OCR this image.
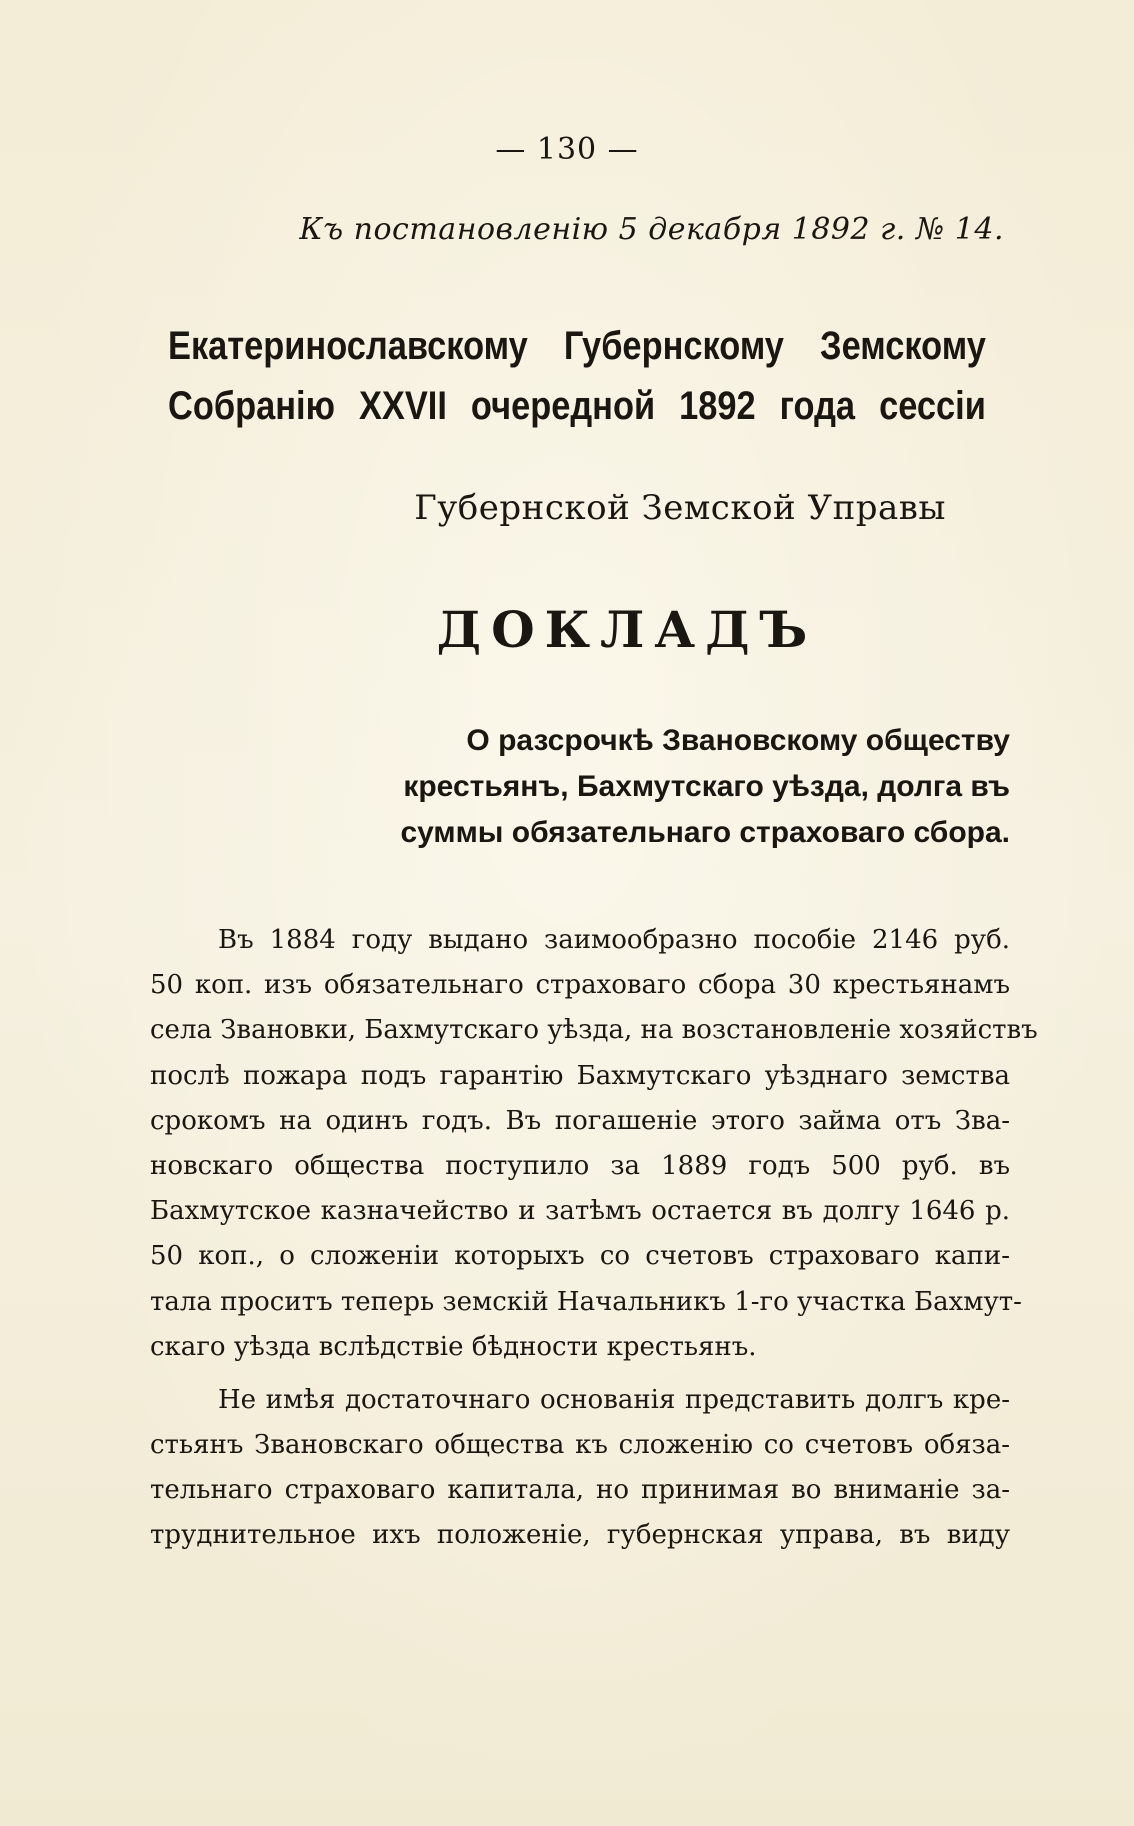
— 130 —
Къ постановленію 5 декабря 1892 г. № 14.
Екатеринославскому Губернскому Земскому
Собранію XXVII очередной 1892 года сессіи
Губернской Земской Управы
ДОКЛАДЪ
О разсрочкѣ Звановскому обществу
крестьянъ, Бахмутскаго уѣзда, долга въ
суммы обязательнаго страховаго сбора.
Въ 1884 году выдано заимообразно пособіе 2146 руб.
50 коп. изъ обязательнаго страховаго сбора 30 крестьянамъ
села Звановки, Бахмутскаго уѣзда, на возстановленіе хозяйствъ
послѣ пожара подъ гарантію Бахмутскаго уѣзднаго земства
срокомъ на одинъ годъ. Въ погашеніе этого займа отъ Зва-
новскаго общества поступило за 1889 годъ 500 руб. въ
Бахмутское казначейство и затѣмъ остается въ долгу 1646 р.
50 коп., о сложеніи которыхъ со счетовъ страховаго капи-
тала проситъ теперь земскій Начальникъ 1-го участка Бахмут-
скаго уѣзда вслѣдствіе бѣдности крестьянъ.
Не имѣя достаточнаго основанія представить долгъ кре-
стьянъ Звановскаго общества къ сложенію со счетовъ обяза-
тельнаго страховаго капитала, но принимая во вниманіе за-
труднительное ихъ положеніе, губернская управа, въ виду
